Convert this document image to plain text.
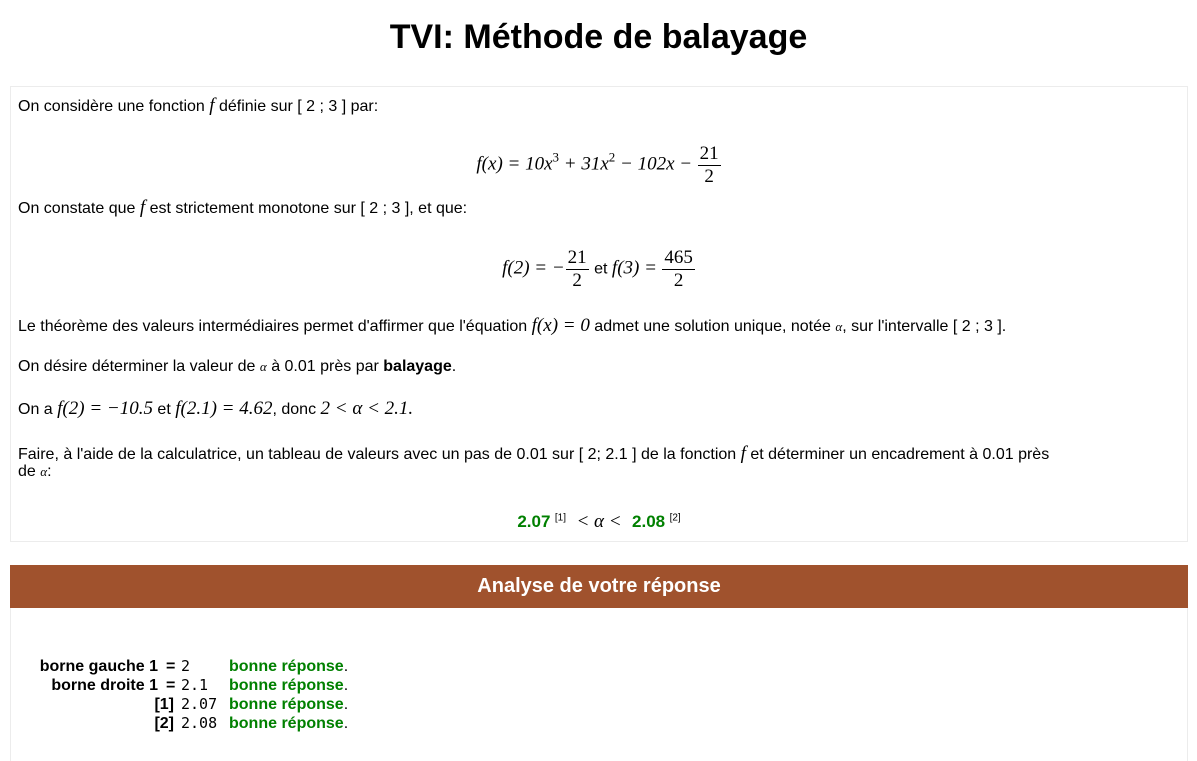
TVI: Méthode de balayage
On considère une fonction f définie sur [ 2 ; 3 ] par:
$f(x) = 10x^3 + 31x^2 - 102x - \frac{21}{2}$
On constate que f est strictement monotone sur [ 2 ; 3 ], et que:
f(2) = − $\frac{21}{2}$ et $f(3) = \frac{465}{2}$
Le théorème des valeurs intermédiaires permet d'affirmer que l'équation f(x) = 0 admet une solution unique, notée α, sur l'intervalle [ 2 ; 3 ].
On désire déterminer la valeur de α à 0.01 près par balayage.
On a f(2) = −10.5 et f(2.1) = 4.62, donc 2 < α < 2.1.
Faire, à l'aide de la calculatrice, un tableau de valeurs avec un pas de 0.01 sur [ 2; 2.1 ] de la fonction f et déterminer un encadrement à 0.01 près
de α:
2.07 [1] < α < 2.08 [2]
Analyse de votre réponse
borne gauche 1 = 2 bonne réponse.
borne droite 1 = 2.1 bonne réponse.
[1] 2.07 bonne réponse.
[2] 2.08 bonne réponse.
